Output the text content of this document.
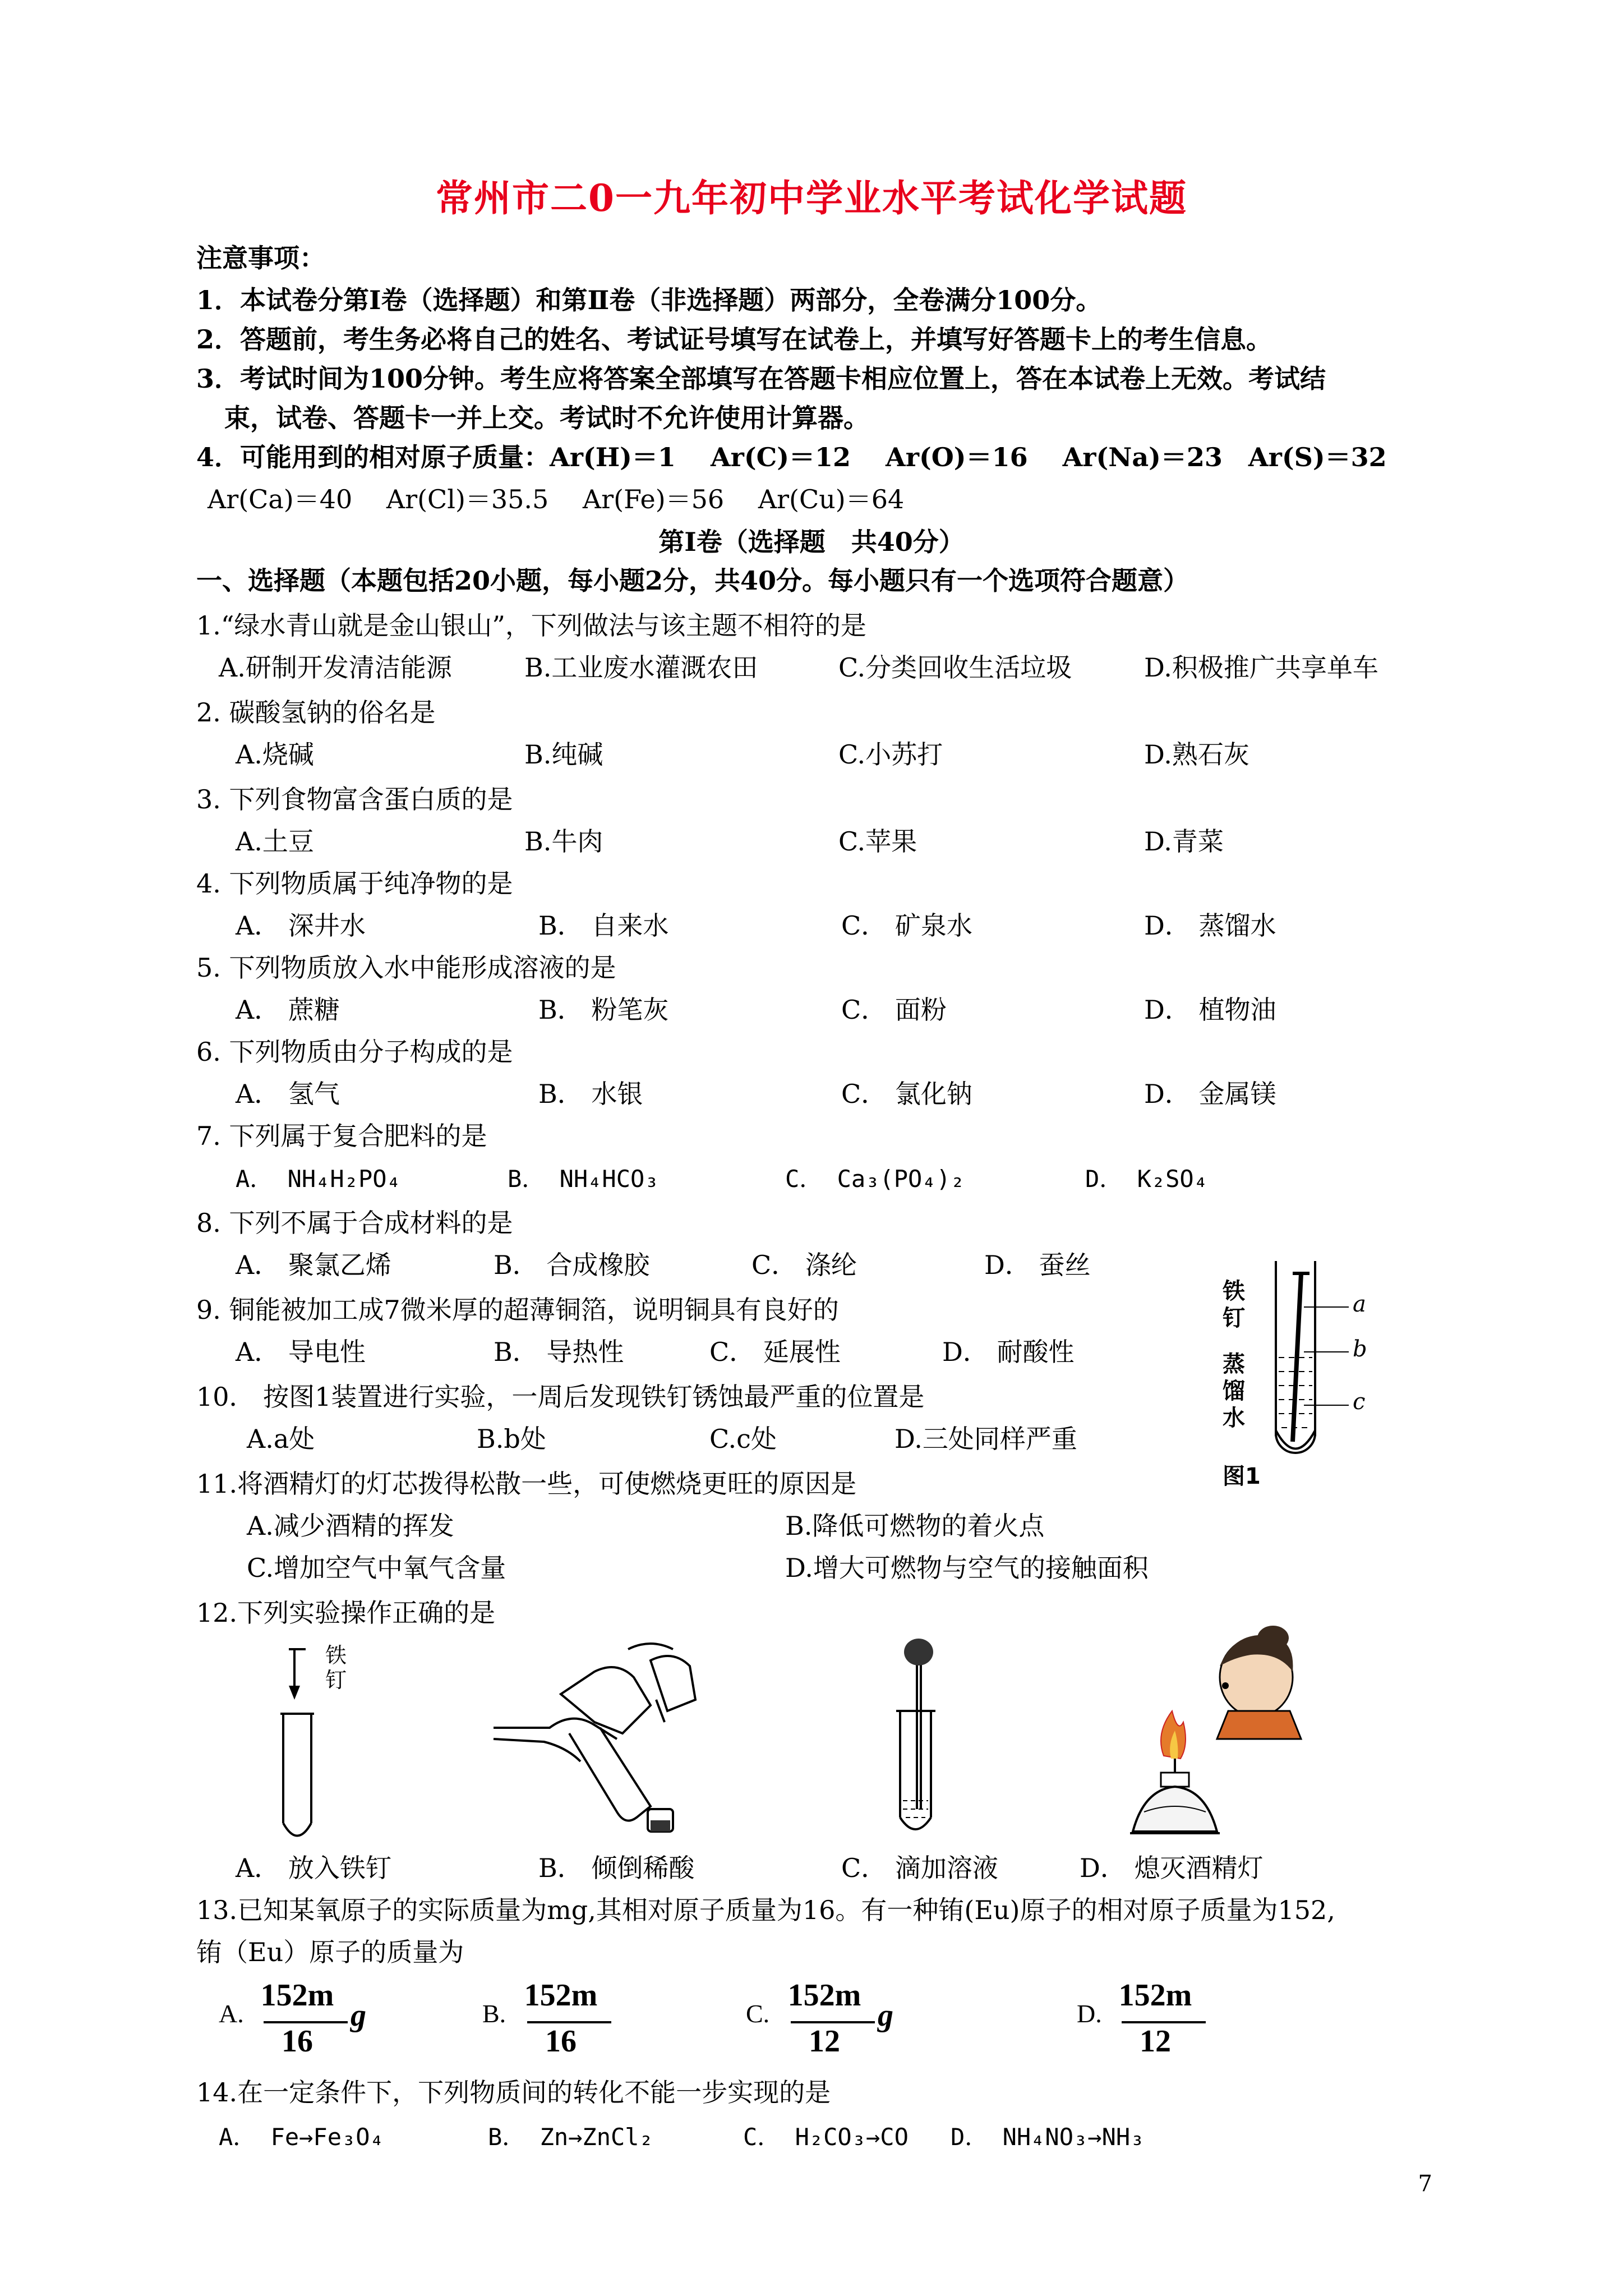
常州市二0一九年初中学业水平考试化学试题
注意事项：
1．本试卷分第Ⅰ卷（选择题）和第Ⅱ卷（非选择题）两部分，全卷满分100分。
2．答题前，考生务必将自己的姓名、考试证号填写在试卷上，并填写好答题卡上的考生信息。
3．考试时间为100分钟。考生应将答案全部填写在答题卡相应位置上，答在本试卷上无效。考试结
束，试卷、答题卡一并上交。考试时不允许使用计算器。
4．可能用到的相对原子质量：Ar(H)＝1　 Ar(C)＝12　 Ar(O)＝16　 Ar(Na)＝23　Ar(S)＝32
Ar(Ca)＝40　 Ar(Cl)＝35.5　 Ar(Fe)＝56　 Ar(Cu)＝64
第Ⅰ卷（选择题　共40分）
一、选择题（本题包括20小题，每小题2分，共40分。每小题只有一个选项符合题意）
1.“绿水青山就是金山银山”，下列做法与该主题不相符的是
A.研制开发清洁能源	B.工业废水灌溉农田	C.分类回收生活垃圾	D.积极推广共享单车
2. 碳酸氢钠的俗名是
A.烧碱	B.纯碱	C.小苏打	D.熟石灰
3. 下列食物富含蛋白质的是
A.土豆	B.牛肉	C.苹果	D.青菜
4. 下列物质属于纯净物的是
A． 深井水	B． 自来水	C． 矿泉水	D． 蒸馏水
5. 下列物质放入水中能形成溶液的是
A． 蔗糖	B． 粉笔灰	C． 面粉	D． 植物油
6. 下列物质由分子构成的是
A． 氢气	B． 水银	C． 氯化钠	D． 金属镁
7. 下列属于复合肥料的是
A． NH₄H₂PO₄	B． NH₄HCO₃	C． Ca₃(PO₄)₂	D． K₂SO₄
8. 下列不属于合成材料的是
A． 聚氯乙烯	B． 合成橡胶	C． 涤纶	D． 蚕丝
9. 铜能被加工成7微米厚的超薄铜箔，说明铜具有良好的
A． 导电性	B． 导热性	C． 延展性	D． 耐酸性
10． 按图1装置进行实验，一周后发现铁钉锈蚀最严重的位置是
A.a处	B.b处	C.c处	D.三处同样严重
铁
钉
蒸
馏
水
a
b
c
图1
11.将酒精灯的灯芯拨得松散一些，可使燃烧更旺的原因是
A.减少酒精的挥发	B.降低可燃物的着火点
C.增加空气中氧气含量	D.增大可燃物与空气的接触面积
12.下列实验操作正确的是
铁
钉
A． 放入铁钉	B． 倾倒稀酸	C． 滴加溶液	D． 熄灭酒精灯
13.已知某氧原子的实际质量为mg,其相对原子质量为16。有一种铕(Eu)原子的相对原子质量为152,
铕（Eu）原子的质量为
A.
152m
16
g	B.
152m
16
C.
152m
12
g	D.
152m
12
14.在一定条件下，下列物质间的转化不能一步实现的是
A． Fe→Fe₃O₄	B． Zn→ZnCl₂	C． H₂CO₃→CO D． NH₄NO₃→NH₃
7
